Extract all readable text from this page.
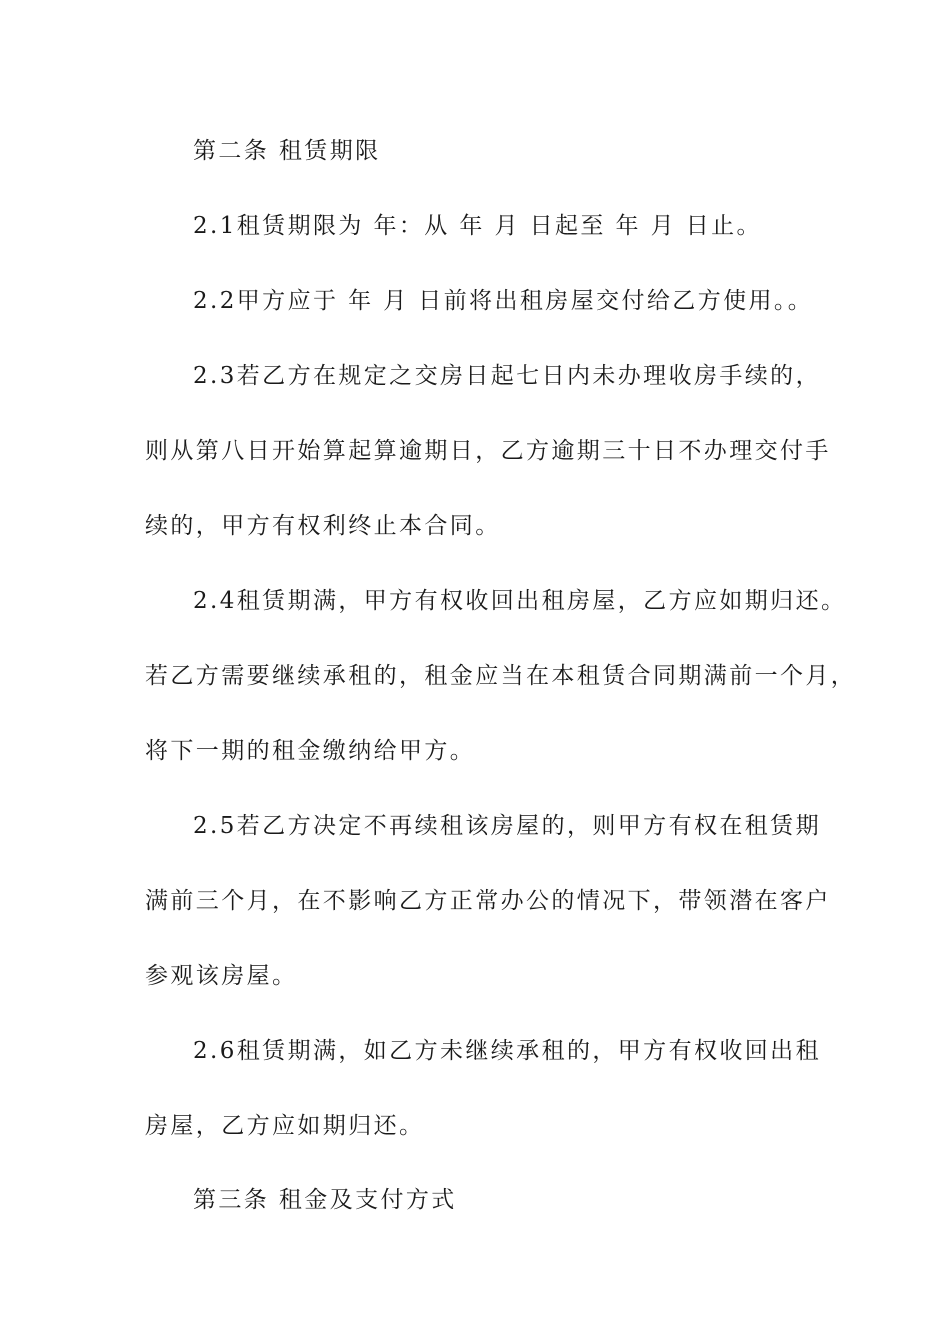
第二条 租赁期限
2.1租赁期限为 年：从 年 月 日起至 年 月 日止。
2.2甲方应于 年 月 日前将出租房屋交付给乙方使用。。
2.3若乙方在规定之交房日起七日内未办理收房手续的，
则从第八日开始算起算逾期日，乙方逾期三十日不办理交付手
续的，甲方有权利终止本合同。
2.4租赁期满，甲方有权收回出租房屋，乙方应如期归还。
若乙方需要继续承租的，租金应当在本租赁合同期满前一个月，
将下一期的租金缴纳给甲方。
2.5若乙方决定不再续租该房屋的，则甲方有权在租赁期
满前三个月，在不影响乙方正常办公的情况下，带领潜在客户
参观该房屋。
2.6租赁期满，如乙方未继续承租的，甲方有权收回出租
房屋，乙方应如期归还。
第三条 租金及支付方式
